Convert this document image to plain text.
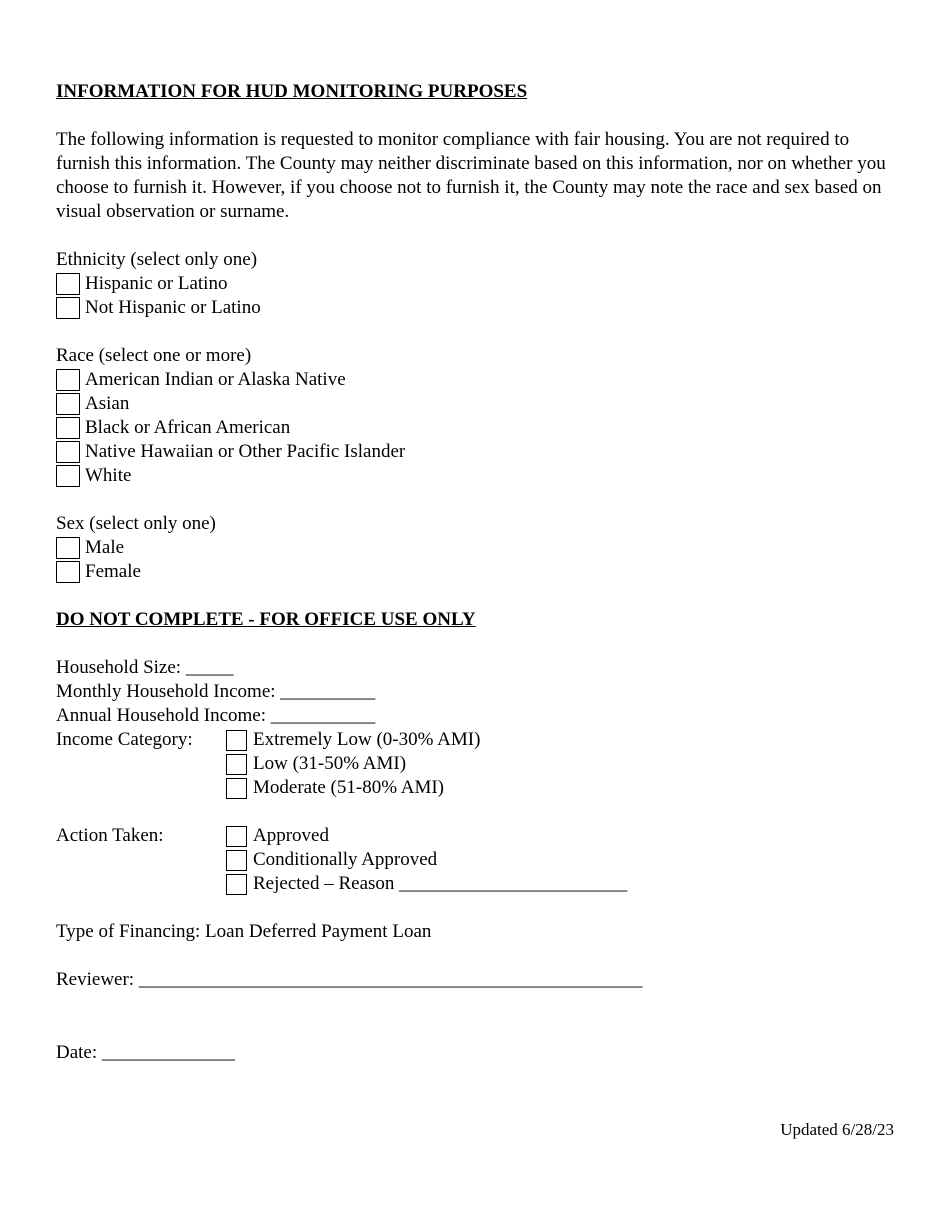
INFORMATION FOR HUD MONITORING PURPOSES

The following information is requested to monitor compliance with fair housing. You are not required to furnish this information. The County may neither discriminate based on this information, nor on whether you choose to furnish it. However, if you choose not to furnish it, the County may note the race and sex based on visual observation or surname.

Ethnicity (select only one)
Hispanic or Latino
Not Hispanic or Latino
Race (select one or more)
American Indian or Alaska Native
Asian
Black or African American
Native Hawaiian or Other Pacific Islander
White
Sex (select only one)
Male
Female

DO NOT COMPLETE - FOR OFFICE USE ONLY

Household Size: _____
Monthly Household Income: __________
Annual Household Income: ___________
Income Category:	Extremely Low (0-30% AMI)
Low (31-50% AMI)
Moderate (51-80% AMI)
Action Taken:	Approved
Conditionally Approved
Rejected – Reason ________________________
Type of Financing: Loan Deferred Payment Loan
Reviewer: _____________________________________________________
Date: ______________
Updated 6/28/23
